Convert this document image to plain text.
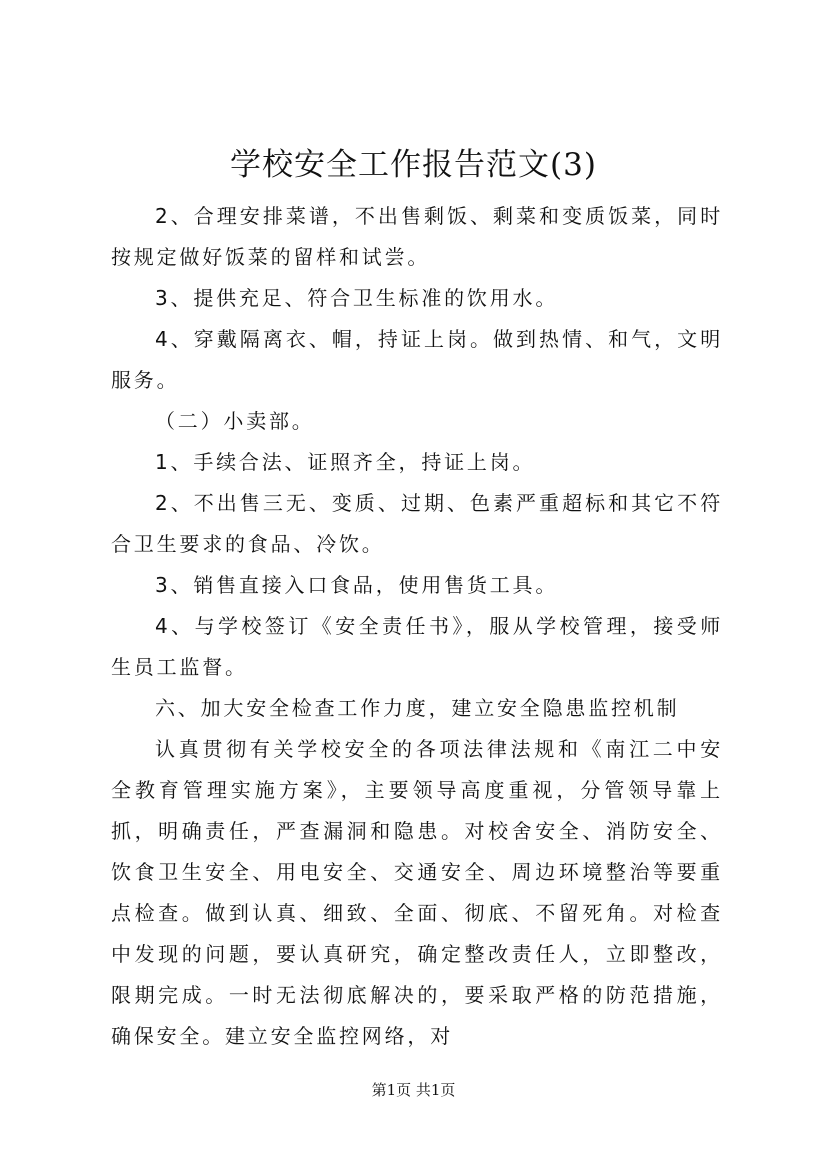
学校安全工作报告范文(3)

2、合理安排菜谱，不出售剩饭、剩菜和变质饭菜，同时按规定做好饭菜的留样和试尝。

3、提供充足、符合卫生标准的饮用水。

4、穿戴隔离衣、帽，持证上岗。做到热情、和气，文明服务。

（二）小卖部。

1、手续合法、证照齐全，持证上岗。

2、不出售三无、变质、过期、色素严重超标和其它不符合卫生要求的食品、冷饮。

3、销售直接入口食品，使用售货工具。

4、与学校签订《安全责任书》，服从学校管理，接受师生员工监督。

六、加大安全检查工作力度，建立安全隐患监控机制

认真贯彻有关学校安全的各项法律法规和《南江二中安全教育管理实施方案》，主要领导高度重视，分管领导靠上抓，明确责任，严查漏洞和隐患。对校舍安全、消防安全、饮食卫生安全、用电安全、交通安全、周边环境整治等要重点检查。做到认真、细致、全面、彻底、不留死角。对检查中发现的问题，要认真研究，确定整改责任人，立即整改，限期完成。一时无法彻底解决的，要采取严格的防范措施，确保安全。建立安全监控网络，对

第1页 共1页
